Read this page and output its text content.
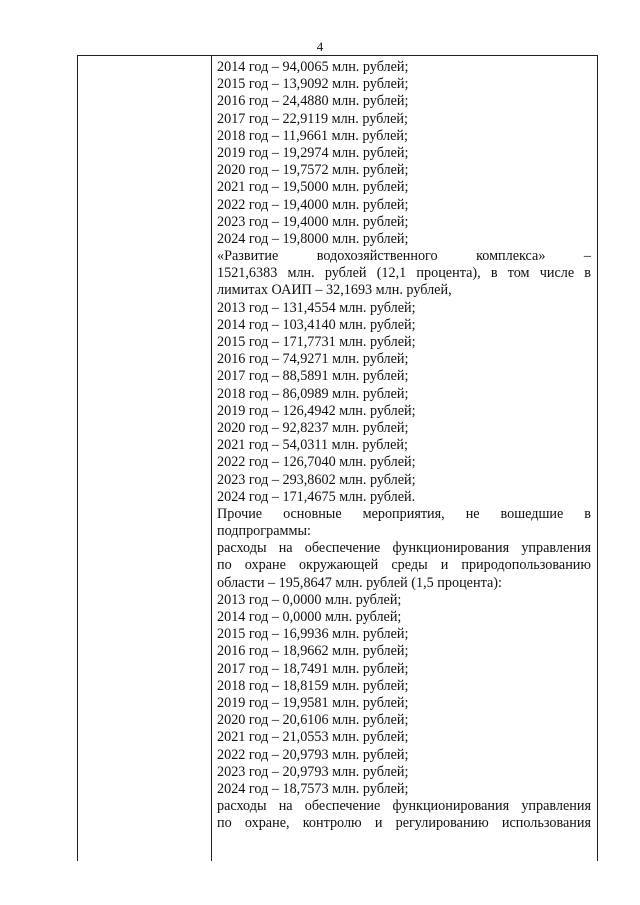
4
2014 год – 94,0065 млн. рублей;
2015 год – 13,9092 млн. рублей;
2016 год – 24,4880 млн. рублей;
2017 год – 22,9119 млн. рублей;
2018 год – 11,9661 млн. рублей;
2019 год – 19,2974 млн. рублей;
2020 год – 19,7572 млн. рублей;
2021 год – 19,5000 млн. рублей;
2022 год – 19,4000 млн. рублей;
2023 год – 19,4000 млн. рублей;
2024 год – 19,8000 млн. рублей;
«Развитие водохозяйственного комплекса» –
1521,6383 млн. рублей (12,1 процента), в том числе в
лимитах ОАИП – 32,1693 млн. рублей,
2013 год – 131,4554 млн. рублей;
2014 год – 103,4140 млн. рублей;
2015 год – 171,7731 млн. рублей;
2016 год – 74,9271 млн. рублей;
2017 год – 88,5891 млн. рублей;
2018 год – 86,0989 млн. рублей;
2019 год – 126,4942 млн. рублей;
2020 год – 92,8237 млн. рублей;
2021 год – 54,0311 млн. рублей;
2022 год – 126,7040 млн. рублей;
2023 год – 293,8602 млн. рублей;
2024 год – 171,4675 млн. рублей.
Прочие основные мероприятия, не вошедшие в
подпрограммы:
расходы на обеспечение функционирования управления
по охране окружающей среды и природопользованию
области – 195,8647 млн. рублей (1,5 процента):
2013 год – 0,0000 млн. рублей;
2014 год – 0,0000 млн. рублей;
2015 год – 16,9936 млн. рублей;
2016 год – 18,9662 млн. рублей;
2017 год – 18,7491 млн. рублей;
2018 год – 18,8159 млн. рублей;
2019 год – 19,9581 млн. рублей;
2020 год – 20,6106 млн. рублей;
2021 год – 21,0553 млн. рублей;
2022 год – 20,9793 млн. рублей;
2023 год – 20,9793 млн. рублей;
2024 год – 18,7573 млн. рублей;
расходы на обеспечение функционирования управления
по охране, контролю и регулированию использования
